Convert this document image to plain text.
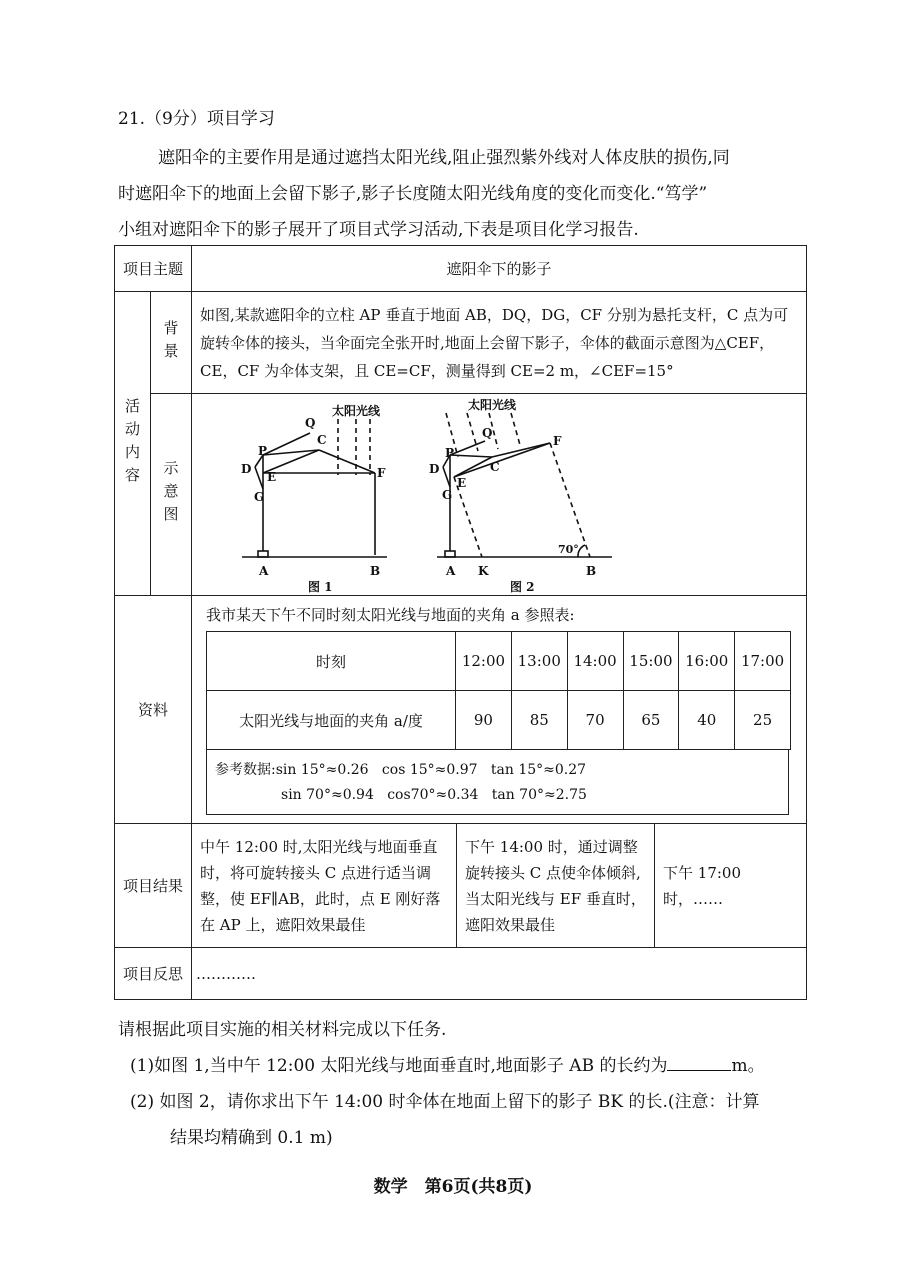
21.（9分）项目学习

遮阳伞的主要作用是通过遮挡太阳光线,阻止强烈紫外线对人体皮肤的损伤,同

时遮阳伞下的地面上会留下影子,影子长度随太阳光线角度的变化而变化.“笃学”

小组对遮阳伞下的影子展开了项目式学习活动,下表是项目化学习报告.

项目主题	遮阳伞下的影子

活动内容

背景
	如图,某款遮阳伞的立柱 AP 垂直于地面 AB，DQ，DG，CF 分别为悬托支杆，C 点为可旋转伞体的接头，当伞面完全张开时,地面上会留下影子，伞体的截面示意图为△CEF，CE，CF 为伞体支架，且 CE=CF，测量得到 CE=2 m，∠CEF=15°

示意图

Q
P
C
D
E	F
G
A	B
太阳光线
图 1
Q
P
C
D
E
F
G
A K	B
70°
太阳光线
图 2

资料	
我市某天下午不同时刻太阳光线与地面的夹角 a 参照表:
时刻	12:00	13:00	14:00	15:00	16:00	17:00
太阳光线与地面的夹角 a/度	90	85	70	65	40	25
参考数据:sin 15°≈0.26   cos 15°≈0.97   tan 15°≈0.27
sin 70°≈0.94   cos70°≈0.34   tan 70°≈2.75

项目结果	中午 12:00 时,太阳光线与地面垂直时，将可旋转接头 C 点进行适当调整，使 EF∥AB，此时，点 E 刚好落在 AP 上，遮阳效果最佳	下午 14:00 时，通过调整旋转接头 C 点使伞体倾斜,当太阳光线与 EF 垂直时，遮阳效果最佳	下午 17:00 时，……
项目反思	…………

请根据此项目实施的相关材料完成以下任务.

(1)如图 1,当中午 12:00 太阳光线与地面垂直时,地面影子 AB 的长约为	m。

(2) 如图 2，请你求出下午 14:00 时伞体在地面上留下的影子 BK 的长.(注意：计算

结果均精确到 0.1 m)

数学　第6页(共8页)
